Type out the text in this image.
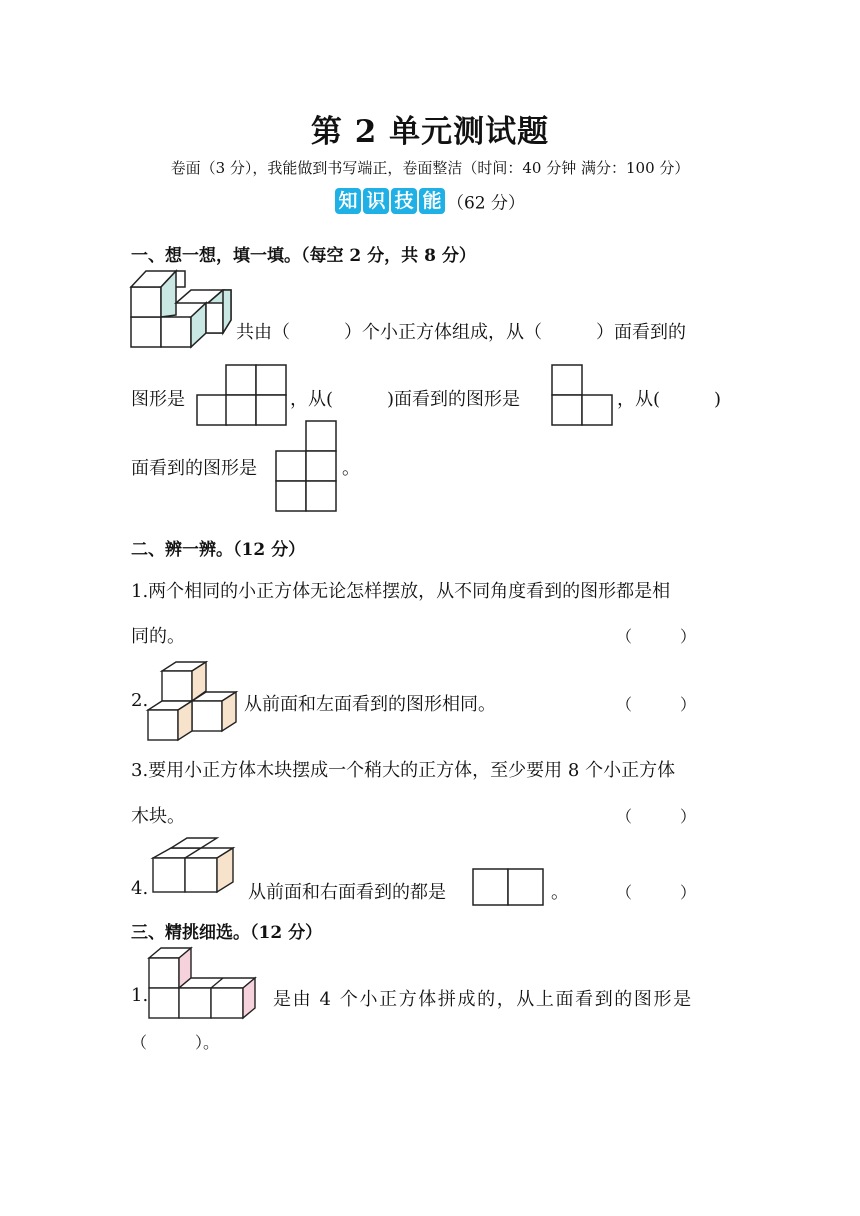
第 2 单元测试题
卷面（3 分），我能做到书写端正，卷面整洁（时间：40 分钟 满分：100 分）
知 识 技 能 （62 分）
一、想一想，填一填。（每空 2 分，共 8 分）
共由（　　　）个小正方体组成，从（　　　）面看到的
图形是	，从(　　　)面看到的图形是	，从(　　　)
面看到的图形是	。
二、辨一辨。（12 分）
1.两个相同的小正方体无论怎样摆放，从不同角度看到的图形都是相
同的。	（　　　）
2.	从前面和左面看到的图形相同。	（　　　）
3.要用小正方体木块摆成一个稍大的正方体，至少要用 8 个小正方体
木块。	（　　　）
4.	从前面和右面看到的都是	。	（　　　）
三、精挑细选。（12 分）
1.	是由 4 个小正方体拼成的，从上面看到的图形是
（　　　）。
